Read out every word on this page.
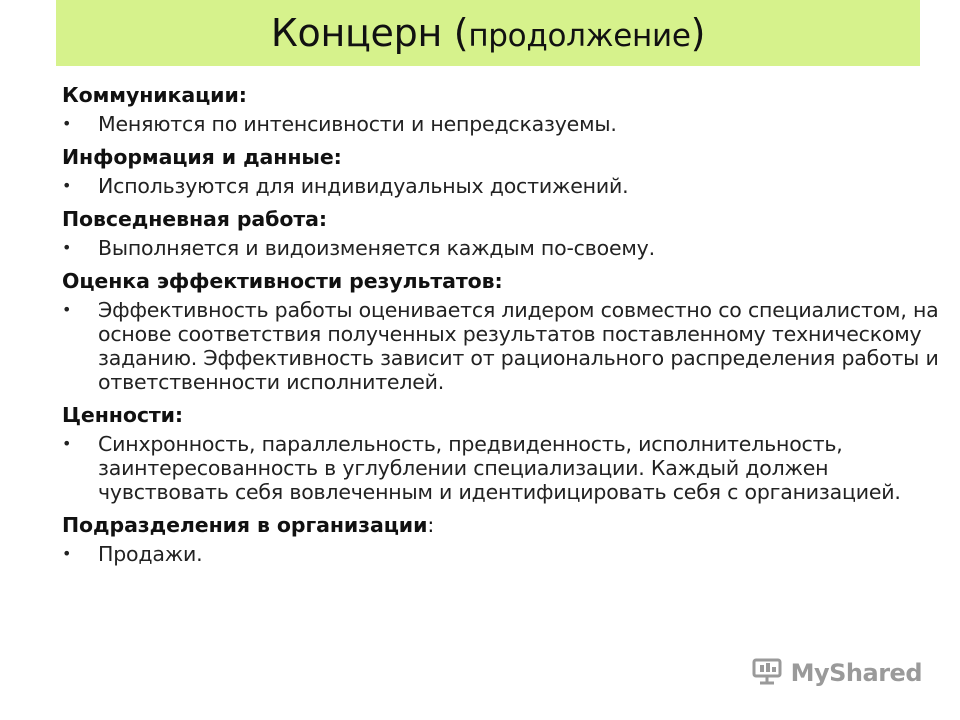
Концерн (продолжение)
Коммуникации:
• Меняются по интенсивности и непредсказуемы.
Информация и данные:
• Используются для индивидуальных достижений.
Повседневная работа:
• Выполняется и видоизменяется каждым по-своему.
Оценка эффективности результатов:
• Эффективность работы оценивается лидером совместно со специалистом, на основе соответствия полученных результатов поставленному техническому заданию. Эффективность зависит от рационального распределения работы и ответственности исполнителей.
Ценности:
• Синхронность, параллельность, предвиденность, исполнительность, заинтересованность в углублении специализации. Каждый должен чувствовать себя вовлеченным и идентифицировать себя с организацией.
Подразделения в организации:
• Продажи.
MyShared
